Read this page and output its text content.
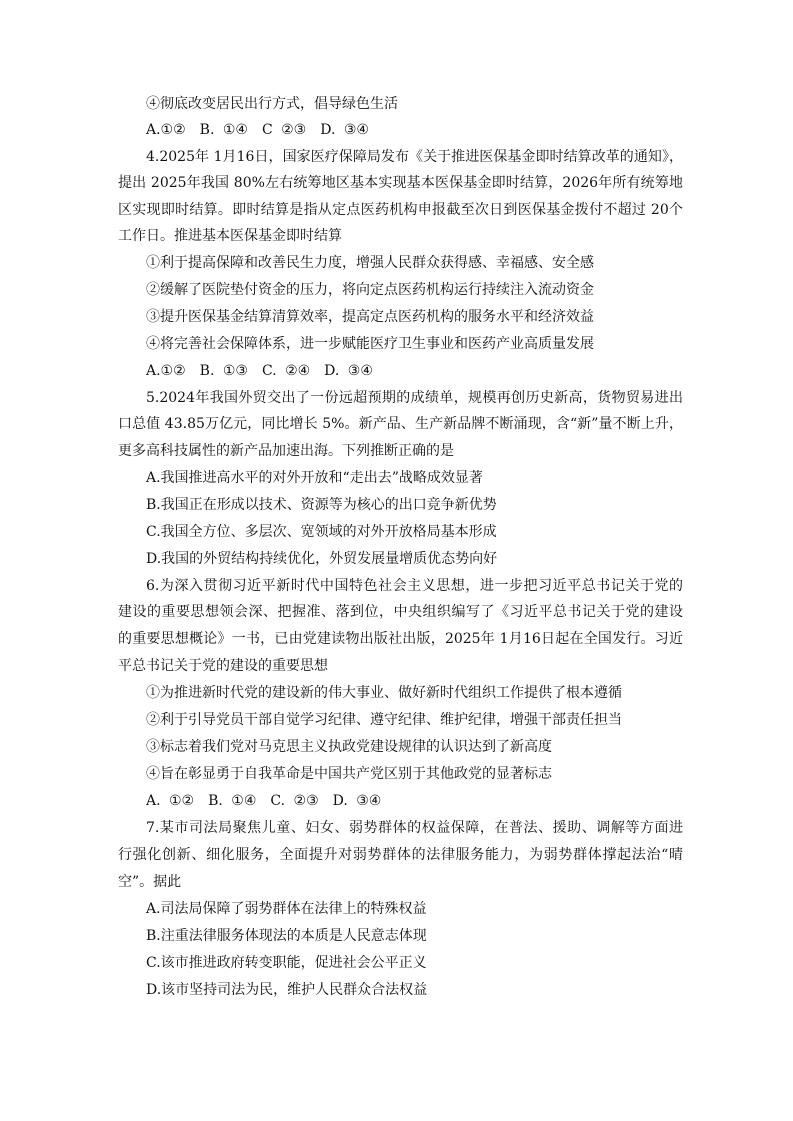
④彻底改变居民出行方式，倡导绿色生活
A.①②　B. ①④　C ②③　D. ③④
4.2025年 1月16日，国家医疗保障局发布《关于推进医保基金即时结算改革的通知》，
提出 2025年我国 80%左右统筹地区基本实现基本医保基金即时结算，2026年所有统筹地
区实现即时结算。即时结算是指从定点医药机构申报截至次日到医保基金拨付不超过 20个
工作日。推进基本医保基金即时结算
①利于提高保障和改善民生力度，增强人民群众获得感、幸福感、安全感
②缓解了医院垫付资金的压力，将向定点医药机构运行持续注入流动资金
③提升医保基金结算清算效率，提高定点医药机构的服务水平和经济效益
④将完善社会保障体系，进一步赋能医疗卫生事业和医药产业高质量发展
A.①②　B. ①③　C. ②④　D. ③④
5.2024年我国外贸交出了一份远超预期的成绩单，规模再创历史新高，货物贸易进出
口总值 43.85万亿元，同比增长 5%。新产品、生产新品牌不断涌现，含“新”量不断上升，
更多高科技属性的新产品加速出海。下列推断正确的是
A.我国推进高水平的对外开放和“走出去”战略成效显著
B.我国正在形成以技术、资源等为核心的出口竞争新优势
C.我国全方位、多层次、宽领域的对外开放格局基本形成
D.我国的外贸结构持续优化，外贸发展量增质优态势向好
6.为深入贯彻习近平新时代中国特色社会主义思想，进一步把习近平总书记关于党的
建设的重要思想领会深、把握准、落到位，中央组织编写了《习近平总书记关于党的建设
的重要思想概论》一书，已由党建读物出版社出版，2025年 1月16日起在全国发行。习近
平总书记关于党的建设的重要思想
①为推进新时代党的建设新的伟大事业、做好新时代组织工作提供了根本遵循
②利于引导党员干部自觉学习纪律、遵守纪律、维护纪律，增强干部责任担当
③标志着我们党对马克思主义执政党建设规律的认识达到了新高度
④旨在彰显勇于自我革命是中国共产党区别于其他政党的显著标志
A. ①②　B. ①④　C. ②③　D. ③④
7.某市司法局聚焦儿童、妇女、弱势群体的权益保障，在普法、援助、调解等方面进
行强化创新、细化服务，全面提升对弱势群体的法律服务能力，为弱势群体撑起法治“晴
空”。据此
A.司法局保障了弱势群体在法律上的特殊权益
B.注重法律服务体现法的本质是人民意志体现
C.该市推进政府转变职能，促进社会公平正义
D.该市坚持司法为民，维护人民群众合法权益
